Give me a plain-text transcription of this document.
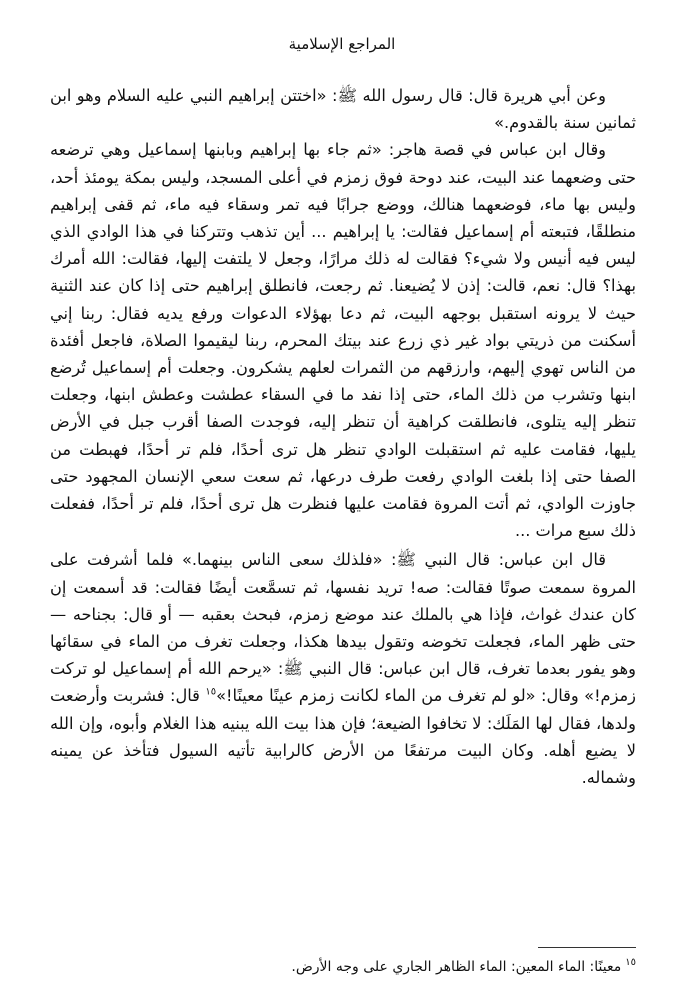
المراجع الإسلامية

وعن أبي هريرة قال: قال رسول الله ﷺ: «اختتن إبراهيم النبي عليه السلام وهو ابن ثمانين سنة بالقدوم.»

وقال ابن عباس في قصة هاجر: «ثم جاء بها إبراهيم وبابنها إسماعيل وهي ترضعه حتى وضعهما عند البيت، عند دوحة فوق زمزم في أعلى المسجد، وليس بمكة يومئذ أحد، وليس بها ماء، فوضعهما هنالك، ووضع جرابًا فيه تمر وسقاء فيه ماء، ثم قفى إبراهيم منطلقًا، فتبعته أم إسماعيل فقالت: يا إبراهيم ... أين تذهب وتتركنا في هذا الوادي الذي ليس فيه أنيس ولا شيء؟ فقالت له ذلك مرارًا، وجعل لا يلتفت إليها، فقالت: الله أمرك بهذا؟ قال: نعم، قالت: إذن لا يُضيعنا. ثم رجعت، فانطلق إبراهيم حتى إذا كان عند الثنية حيث لا يرونه استقبل بوجهه البيت، ثم دعا بهؤلاء الدعوات ورفع يديه فقال: ربنا إني أسكنت من ذريتي بواد غير ذي زرع عند بيتك المحرم، ربنا ليقيموا الصلاة، فاجعل أفئدة من الناس تهوي إليهم، وارزقهم من الثمرات لعلهم يشكرون. وجعلت أم إسماعيل تُرضع ابنها وتشرب من ذلك الماء، حتى إذا نفد ما في السقاء عطشت وعطش ابنها، وجعلت تنظر إليه يتلوى، فانطلقت كراهية أن تنظر إليه، فوجدت الصفا أقرب جبل في الأرض يليها، فقامت عليه ثم استقبلت الوادي تنظر هل ترى أحدًا، فلم تر أحدًا، فهبطت من الصفا حتى إذا بلغت الوادي رفعت طرف درعها، ثم سعت سعي الإنسان المجهود حتى جاوزت الوادي، ثم أتت المروة فقامت عليها فنظرت هل ترى أحدًا، فلم تر أحدًا، ففعلت ذلك سبع مرات ...

قال ابن عباس: قال النبي ﷺ: «فلذلك سعى الناس بينهما.» فلما أشرفت على المروة سمعت صوتًا فقالت: صه! تريد نفسها، ثم تسمَّعت أيضًا فقالت: قد أسمعت إن كان عندك غواث، فإذا هي بالملك عند موضع زمزم، فبحث بعقبه — أو قال: بجناحه — حتى ظهر الماء، فجعلت تخوضه وتقول بيدها هكذا، وجعلت تغرف من الماء في سقائها وهو يفور بعدما تغرف، قال ابن عباس: قال النبي ﷺ: «يرحم الله أم إسماعيل لو تركت زمزم!» وقال: «لو لم تغرف من الماء لكانت زمزم عينًا معينًا!»$^{١٥}$ قال: فشربت وأرضعت ولدها، فقال لها المَلَك: لا تخافوا الضيعة؛ فإن هذا بيت الله يبنيه هذا الغلام وأبوه، وإن الله لا يضيع أهله. وكان البيت مرتفعًا من الأرض كالرابية تأتيه السيول فتأخذ عن يمينه وشماله.

$^{١٥}$معينًا: الماء المعين: الماء الظاهر الجاري على وجه الأرض.
